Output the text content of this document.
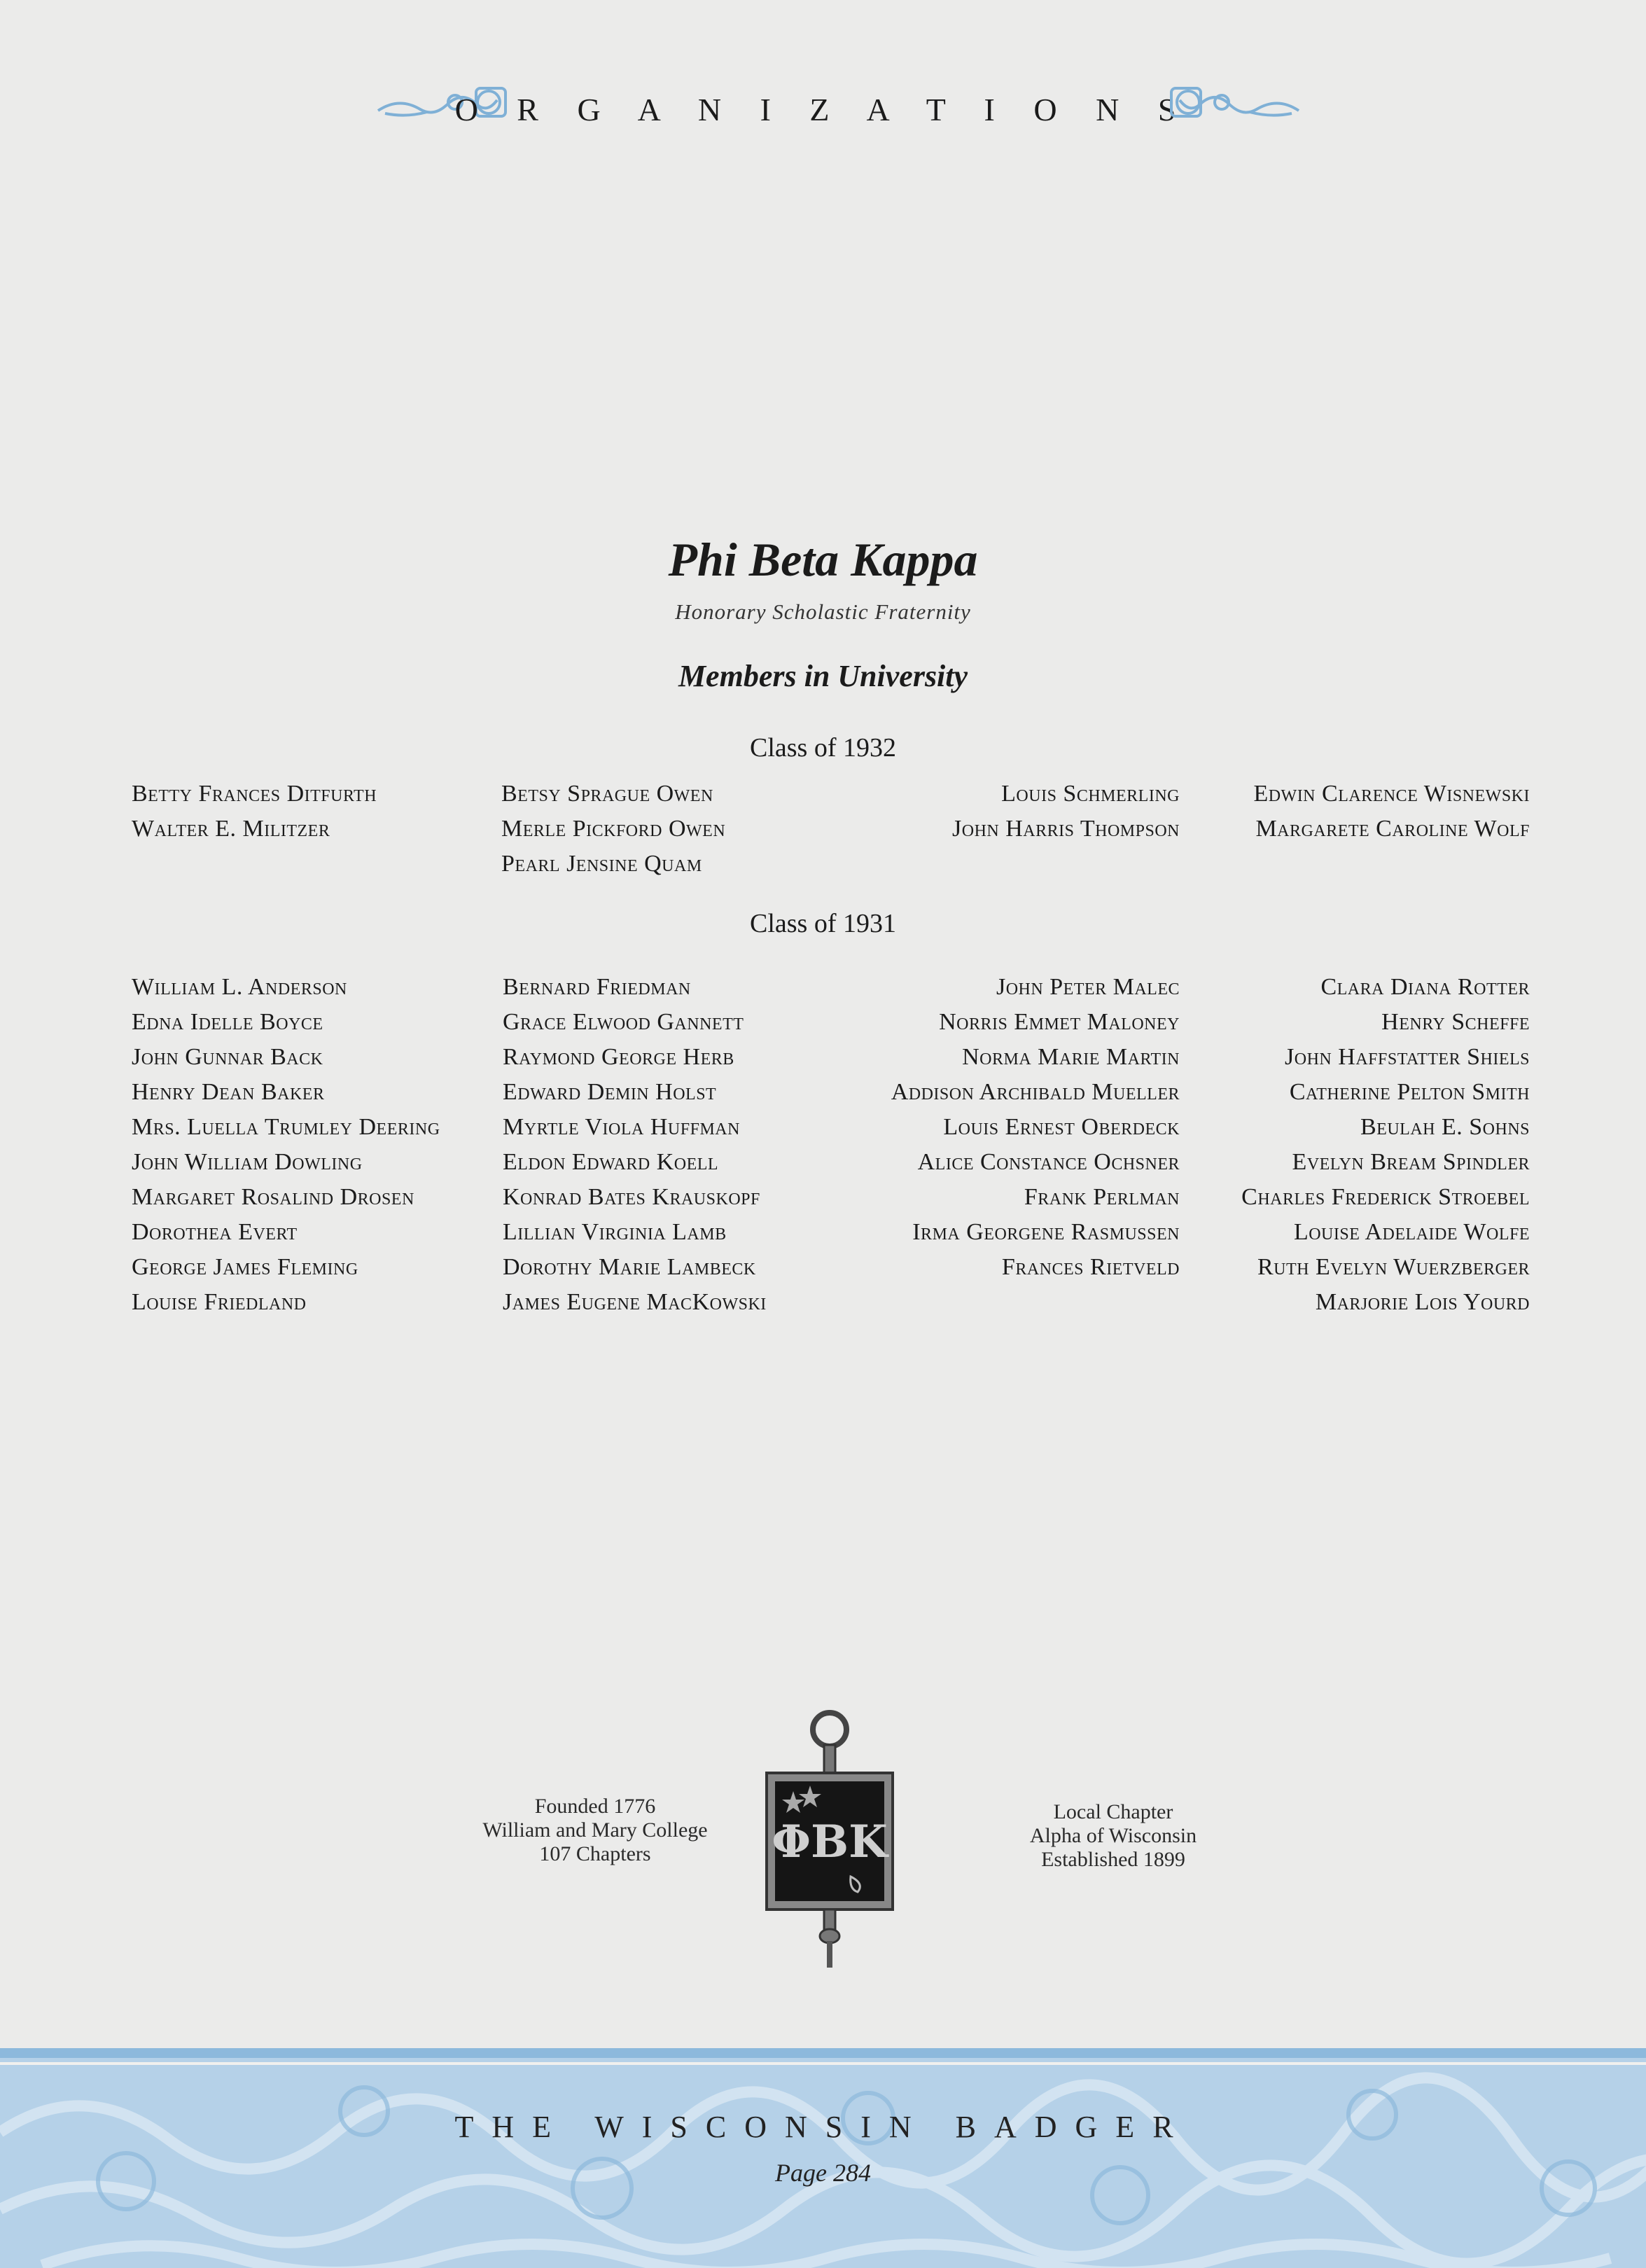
O R G A N I Z A T I O N S
Phi Beta Kappa
Honorary Scholastic Fraternity
Members in University
Class of 1932
Betty Frances Ditfurth
Walter E. Militzer
Betsy Sprague Owen
Merle Pickford Owen
Pearl Jensine Quam
Louis Schmerling
John Harris Thompson
Edwin Clarence Wisnewski
Margarete Caroline Wolf
Class of 1931
William L. Anderson
Edna Idelle Boyce
John Gunnar Back
Henry Dean Baker
Mrs. Luella Trumley Deering
John William Dowling
Margaret Rosalind Drosen
Dorothea Evert
George James Fleming
Louise Friedland
Bernard Friedman
Grace Elwood Gannett
Raymond George Herb
Edward Demin Holst
Myrtle Viola Huffman
Eldon Edward Koell
Konrad Bates Krauskopf
Lillian Virginia Lamb
Dorothy Marie Lambeck
James Eugene MacKowski
John Peter Malec
Norris Emmet Maloney
Norma Marie Martin
Addison Archibald Mueller
Louis Ernest Oberdeck
Alice Constance Ochsner
Frank Perlman
Irma Georgene Rasmussen
Frances Rietveld
Clara Diana Rotter
Henry Scheffe
John Haffstatter Shiels
Catherine Pelton Smith
Beulah E. Sohns
Evelyn Bream Spindler
Charles Frederick Stroebel
Louise Adelaide Wolfe
Ruth Evelyn Wuerzberger
Marjorie Lois Yourd
Founded 1776
William and Mary College
107 Chapters	ΦΒΚ
Local Chapter
Alpha of Wisconsin
Established 1899
THE WISCONSIN BADGER
Page 284
